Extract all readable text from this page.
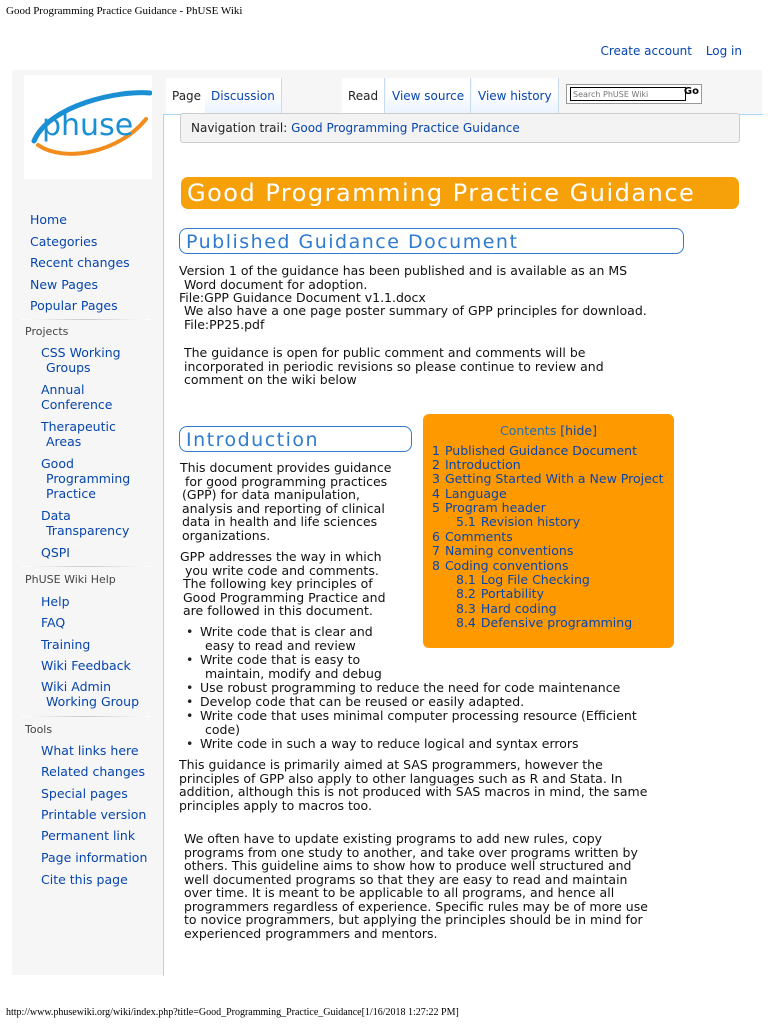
Good Programming Practice Guidance - PhUSE Wiki
Create account Log in
phuse
Page Discussion	Read	View source	View history
Search PhUSE Wiki	Go
Navigation trail: Good Programming Practice Guidance
Home
Categories
Recent changes
New Pages
Popular Pages
Projects
CSS Working
Groups
Annual
Conference
Therapeutic
Areas
Good
Programming
Practice
Data
Transparency
QSPI
PhUSE Wiki Help
Help
FAQ
Training
Wiki Feedback
Wiki Admin
Working Group
Tools
What links here
Related changes
Special pages
Printable version
Permanent link
Page information
Cite this page
Good Programming Practice Guidance
Published Guidance Document
Version 1 of the guidance has been published and is available as an MS
Word document for adoption.
File:GPP Guidance Document v1.1.docx
We also have a one page poster summary of GPP principles for download.
File:PP25.pdf
The guidance is open for public comment and comments will be
incorporated in periodic revisions so please continue to review and
comment on the wiki below
Introduction
This document provides guidance
for good programming practices
(GPP) for data manipulation,
analysis and reporting of clinical
data in health and life sciences
organizations.
GPP addresses the way in which
you write code and comments.
The following key principles of
Good Programming Practice and
are followed in this document.
• Write code that is clear and
easy to read and review
• Write code that is easy to
maintain, modify and debug
• Use robust programming to reduce the need for code maintenance
• Develop code that can be reused or easily adapted.
• Write code that uses minimal computer processing resource (Efficient
code)
• Write code in such a way to reduce logical and syntax errors
This guidance is primarily aimed at SAS programmers, however the
principles of GPP also apply to other languages such as R and Stata. In
addition, although this is not produced with SAS macros in mind, the same
principles apply to macros too.
We often have to update existing programs to add new rules, copy
programs from one study to another, and take over programs written by
others. This guideline aims to show how to produce well structured and
well documented programs so that they are easy to read and maintain
over time. It is meant to be applicable to all programs, and hence all
programmers regardless of experience. Specific rules may be of more use
to novice programmers, but applying the principles should be in mind for
experienced programmers and mentors.
Contents [hide]
1 Published Guidance Document
2 Introduction
3 Getting Started With a New Project
4 Language
5 Program header
5.1 Revision history
6 Comments
7 Naming conventions
8 Coding conventions
8.1 Log File Checking
8.2 Portability
8.3 Hard coding
8.4 Defensive programming
http://www.phusewiki.org/wiki/index.php?title=Good_Programming_Practice_Guidance[1/16/2018 1:27:22 PM]
